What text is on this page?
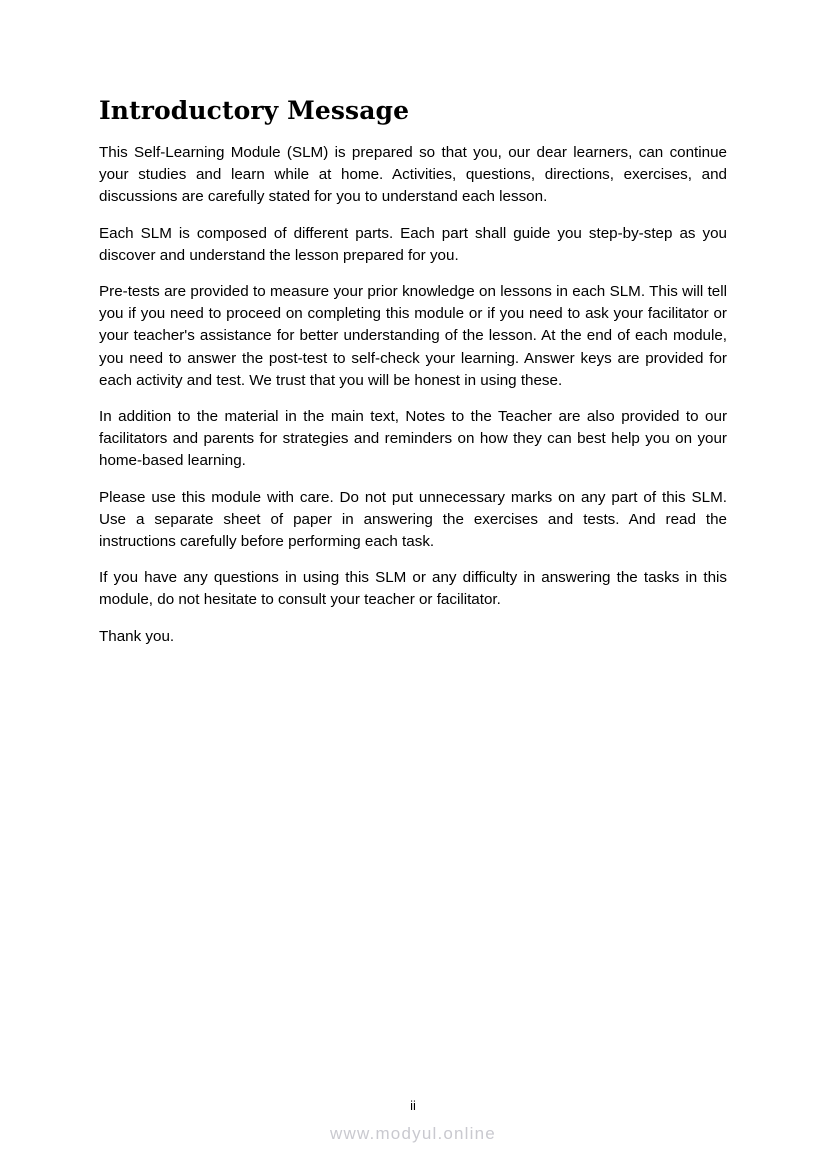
Introductory Message

This Self-Learning Module (SLM) is prepared so that you, our dear learners, can continue your studies and learn while at home. Activities, questions, directions, exercises, and discussions are carefully stated for you to understand each lesson.

Each SLM is composed of different parts. Each part shall guide you step-by-step as you discover and understand the lesson prepared for you.

Pre-tests are provided to measure your prior knowledge on lessons in each SLM. This will tell you if you need to proceed on completing this module or if you need to ask your facilitator or your teacher's assistance for better understanding of the lesson. At the end of each module, you need to answer the post-test to self-check your learning. Answer keys are provided for each activity and test. We trust that you will be honest in using these.

In addition to the material in the main text, Notes to the Teacher are also provided to our facilitators and parents for strategies and reminders on how they can best help you on your home-based learning.

Please use this module with care. Do not put unnecessary marks on any part of this SLM. Use a separate sheet of paper in answering the exercises and tests. And read the instructions carefully before performing each task.

If you have any questions in using this SLM or any difficulty in answering the tasks in this module, do not hesitate to consult your teacher or facilitator.

Thank you.

ii
www.modyul.online
